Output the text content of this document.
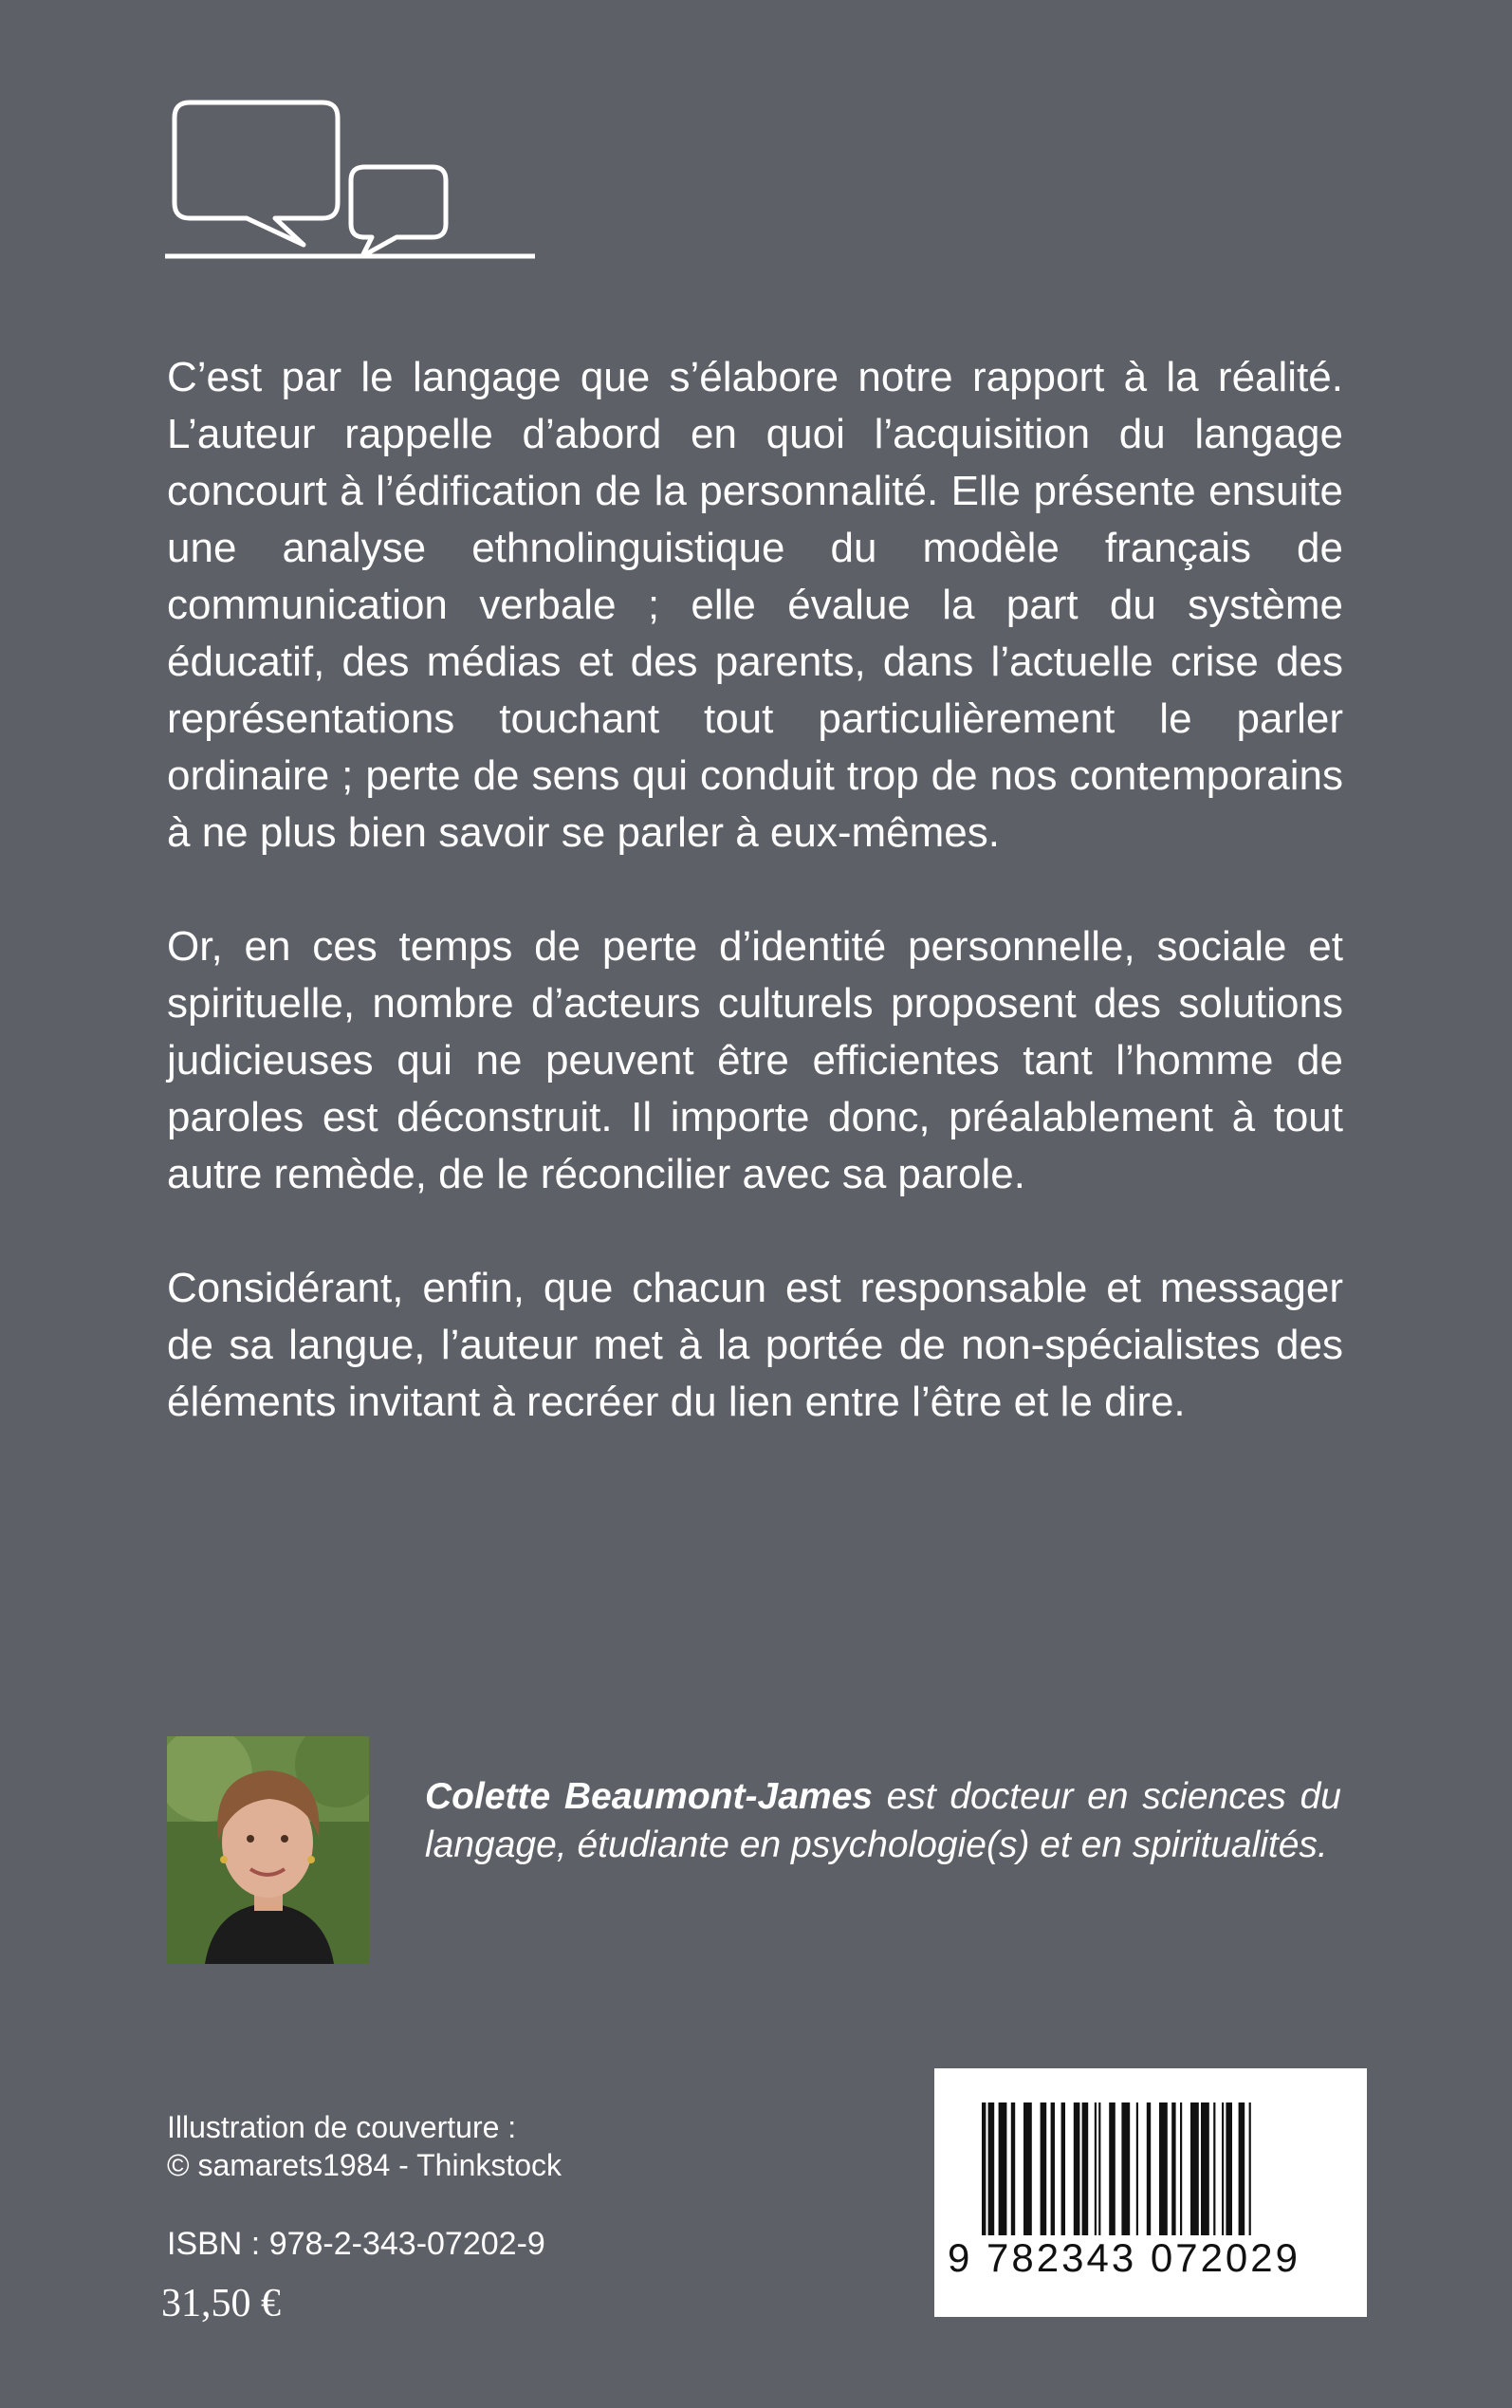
C’est par le langage que s’élabore notre rapport à la réalité. L’auteur rappelle d’abord en quoi l’acquisition du langage concourt à l’édification de la personnalité. Elle présente ensuite une analyse ethnolinguistique du modèle français de communication verbale ; elle évalue la part du système éducatif, des médias et des parents, dans l’actuelle crise des représentations touchant tout particulièrement le parler ordinaire ; perte de sens qui conduit trop de nos contemporains à ne plus bien savoir se parler à eux-mêmes.

Or, en ces temps de perte d’identité personnelle, sociale et spirituelle, nombre d’acteurs culturels proposent des solutions judicieuses qui ne peuvent être efficientes tant l’homme de paroles est déconstruit. Il importe donc, préalablement à tout autre remède, de le réconcilier avec sa parole.

Considérant, enfin, que chacun est responsable et messager de sa langue, l’auteur met à la portée de non-spécialistes des éléments invitant à recréer du lien entre l’être et le dire.

Colette Beaumont-James est docteur en sciences du langage, étudiante en psychologie(s) et en spiritualités.
Illustration de couverture :
© samarets1984 - Thinkstock
ISBN : 978-2-343-07202-9
31,50 €
9 782343 072029
